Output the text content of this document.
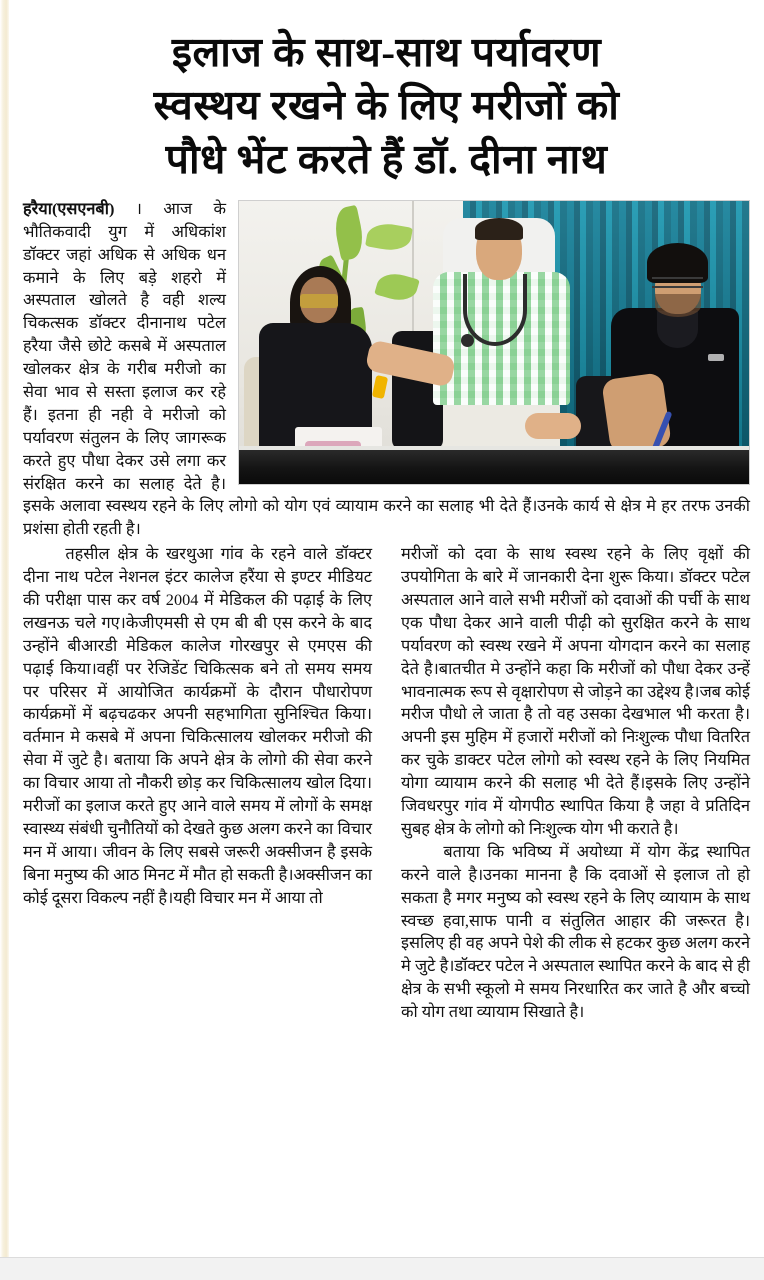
इलाज के साथ-साथ पर्यावरण
स्वस्थय रखने के लिए मरीजों को
पौधे भेंट करते हैं डॉ. दीना नाथ
हरैया(एसएनबी) । आज के भौतिकवादी युग में अधिकांश डॉक्टर जहां अधिक से अधिक धन कमाने के लिए बड़े शहरो में अस्पताल खोलते है वही शल्य चिकत्सक डॉक्टर दीनानाथ पटेल हरैया जैसे छोटे कसबे में अस्पताल खोलकर क्षेत्र के गरीब मरीजो का सेवा भाव से सस्ता इलाज कर रहे हैं। इतना ही नही वे मरीजो को पर्यावरण संतुलन के लिए जागरूक करते हुए पौधा देकर उसे लगा कर संरक्षित करने का सलाह देते है। इसके अलावा स्वस्थय रहने के लिए लोगो को योग एवं व्यायाम करने का सलाह भी देते हैं।उनके कार्य से क्षेत्र मे हर तरफ उनकी प्रशंसा होती रहती है।

तहसील क्षेत्र के खरथुआ गांव के रहने वाले डॉक्टर दीना नाथ पटेल नेशनल इंटर कालेज हरैंया से इण्टर मीडियट की परीक्षा पास कर वर्ष 2004 में मेडिकल की पढ़ाई के लिए लखनऊ चले गए।केजीएमसी से एम बी बी एस करने के बाद उन्होंने बीआरडी मेडिकल कालेज गोरखपुर से एमएस की पढ़ाई किया।वहीं पर रेजिडेंट चिकित्सक बने तो समय समय पर परिसर में आयोजित कार्यक्रमों के दौरान पौधारोपण कार्यक्रमों में बढ़चढकर अपनी सहभागिता सुनिश्चित किया।वर्तमान मे कसबे में अपना चिकित्सालय खोलकर मरीजो की सेवा में जुटे है। बताया कि अपने क्षेत्र के लोगो की सेवा करने का विचार आया तो नौकरी छोड़ कर चिकित्सालय खोल दिया।मरीजों का इलाज करते हुए आने वाले समय में लोगों के समक्ष स्वास्थ्य संबंधी चुनौतियों को देखते कुछ अलग करने का विचार मन में आया। जीवन के लिए सबसे जरूरी अक्सीजन है इसके बिना मनुष्य की आठ मिनट में मौत हो सकती है।अक्सीजन का कोई दूसरा विकल्प नहीं है।यही विचार मन में आया तो

मरीजों को दवा के साथ स्वस्थ रहने के लिए वृक्षों की उपयोगिता के बारे में जानकारी देना शुरू किया। डॉक्टर पटेल अस्पताल आने वाले सभी मरीजों को दवाओं की पर्ची के साथ एक पौधा देकर आने वाली पीढ़ी को सुरक्षित करने के साथ पर्यावरण को स्वस्थ रखने में अपना योगदान करने का सलाह देते है।बातचीत मे उन्होंने कहा कि मरीजों को पौधा देकर उन्हें भावनात्मक रूप से वृक्षारोपण से जोड़ने का उद्देश्य है।जब कोई मरीज पौधो ले जाता है तो वह उसका देखभाल भी करता है। अपनी इस मुहिम में हजारों मरीजों को निःशुल्क पौधा वितरित कर चुके डाक्टर पटेल लोगो को स्वस्थ रहने के लिए नियमित योगा व्यायाम करने की सलाह भी देते हैं।इसके लिए उन्होंने जिवधरपुर गांव में योगपीठ स्थापित किया है जहा वे प्रतिदिन सुबह क्षेत्र के लोगो को निःशुल्क योग भी कराते है।

बताया कि भविष्य में अयोध्या में योग केंद्र स्थापित करने वाले है।उनका मानना है कि दवाओं से इलाज तो हो सकता है मगर मनुष्य को स्वस्थ रहने के लिए व्यायाम के साथ स्वच्छ हवा,साफ पानी व संतुलित आहार की जरूरत है।इसलिए ही वह अपने पेशे की लीक से हटकर कुछ अलग करने मे जुटे है।डॉक्टर पटेल ने अस्पताल स्थापित करने के बाद से ही क्षेत्र के सभी स्कूलो मे समय निरधारित कर जाते है और बच्चो को योग तथा व्यायाम सिखाते है।
